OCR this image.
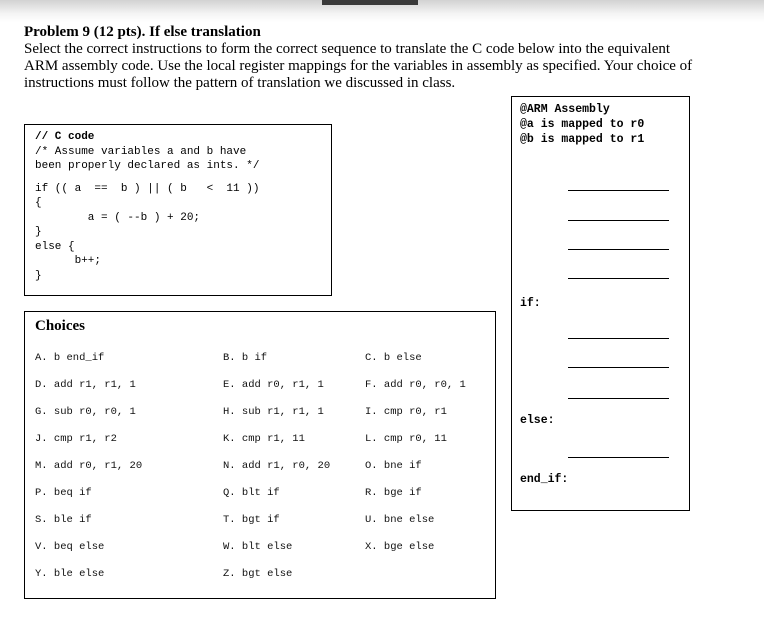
Problem 9 (12 pts). If else translation
Select the correct instructions to form the correct sequence to translate the C code below into the equivalent
ARM assembly code. Use the local register mappings for the variables in assembly as specified. Your choice of
instructions must follow the pattern of translation we discussed in class.
// C code
/* Assume variables a and b have
been properly declared as ints. */
if (( a  ==  b ) || ( b   <  11 ))
{
a = ( --b ) + 20;
}
else {
b++;
}
Choices
A. b end_if	B. b if	C. b else
D. add r1, r1, 1	E. add r0, r1, 1	F. add r0, r0, 1
G. sub r0, r0, 1	H. sub r1, r1, 1	I. cmp r0, r1
J. cmp r1, r2	K. cmp r1, 11	L. cmp r0, 11
M. add r0, r1, 20	N. add r1, r0, 20	O. bne if
P. beq if	Q. blt if	R. bge if
S. ble if	T. bgt if	U. bne else
V. beq else	W. blt else	X. bge else
Y. ble else	Z. bgt else
@ARM Assembly
@a is mapped to r0
@b is mapped to r1
if:
else:
end_if:
